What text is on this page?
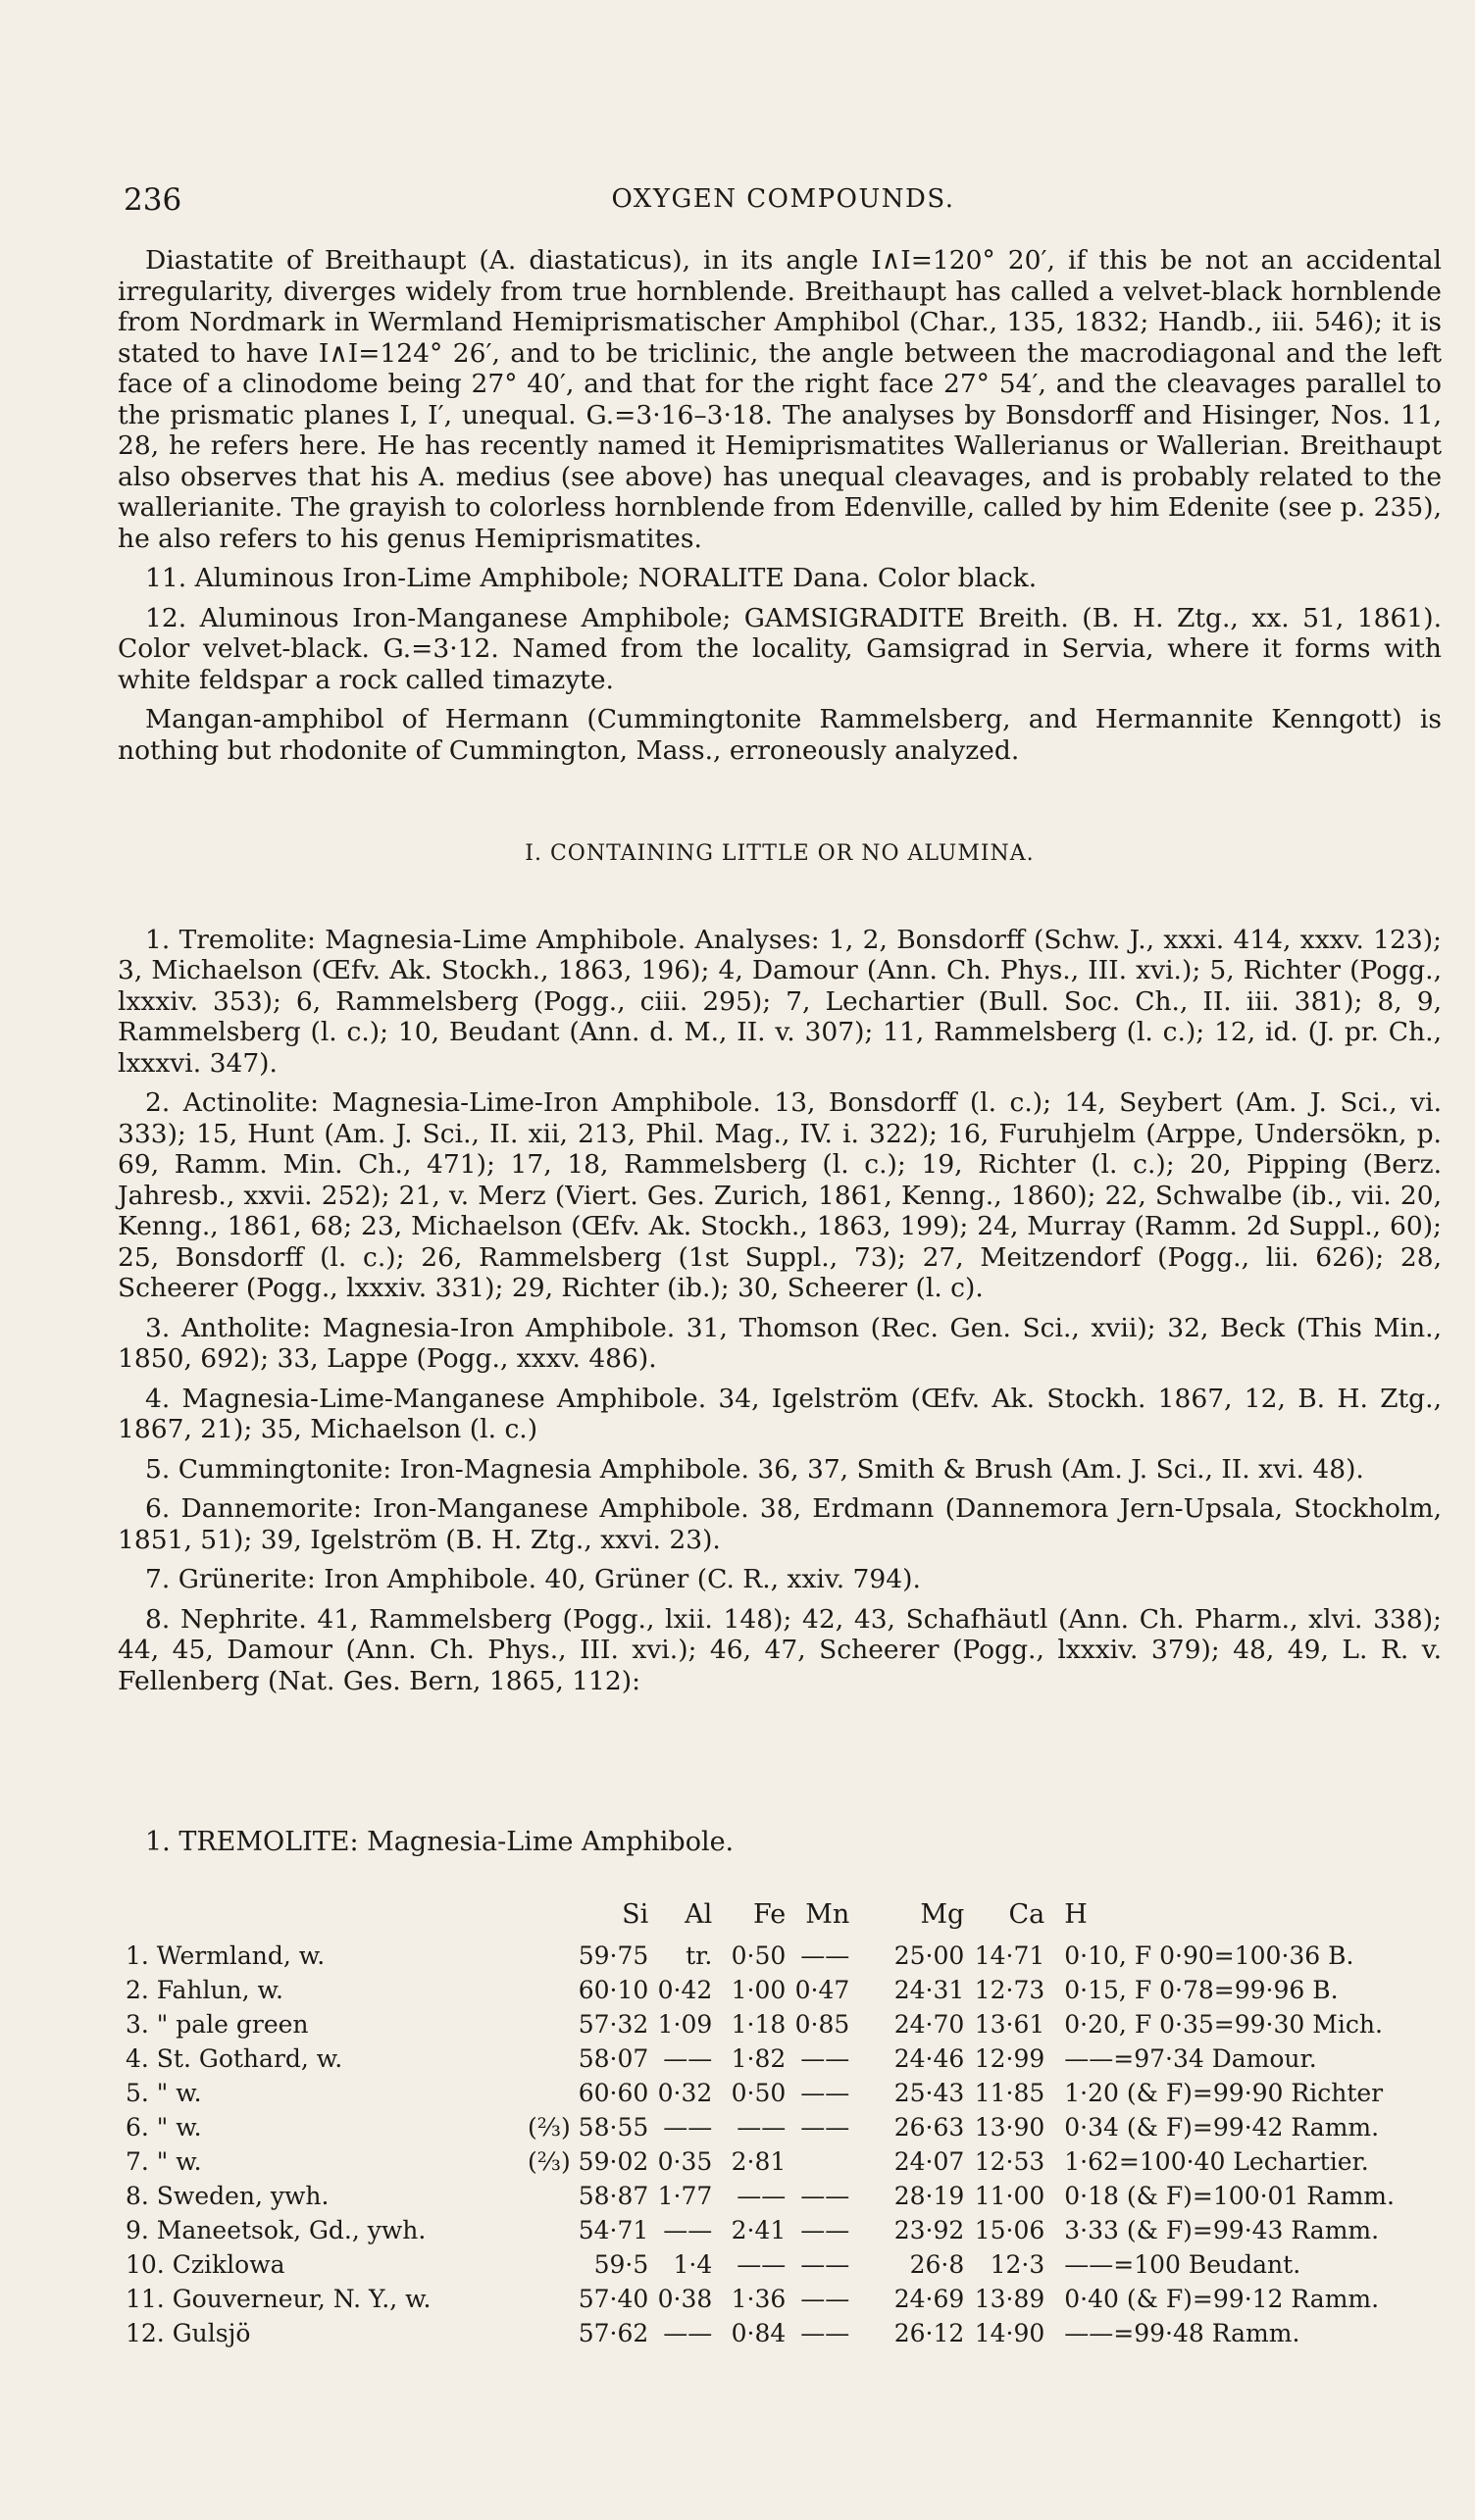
236	OXYGEN COMPOUNDS.

Diastatite of Breithaupt (A. diastaticus), in its angle I∧I=120° 20′, if this be not an accidental irregularity, diverges widely from true hornblende. Breithaupt has called a velvet-black hornblende from Nordmark in Wermland Hemiprismatischer Amphibol (Char., 135, 1832; Handb., iii. 546); it is stated to have I∧I=124° 26′, and to be triclinic, the angle between the macrodiagonal and the left face of a clinodome being 27° 40′, and that for the right face 27° 54′, and the cleavages parallel to the prismatic planes I, I′, unequal. G.=3·16–3·18. The analyses by Bonsdorff and Hisinger, Nos. 11, 28, he refers here. He has recently named it Hemiprismatites Wallerianus or Wallerian. Breithaupt also observes that his A. medius (see above) has unequal cleavages, and is probably related to the wallerianite. The grayish to colorless hornblende from Edenville, called by him Edenite (see p. 235), he also refers to his genus Hemiprismatites.

11. Aluminous Iron-Lime Amphibole; NORALITE Dana. Color black.

12. Aluminous Iron-Manganese Amphibole; GAMSIGRADITE Breith. (B. H. Ztg., xx. 51, 1861). Color velvet-black. G.=3·12. Named from the locality, Gamsigrad in Servia, where it forms with white feldspar a rock called timazyte.

Mangan-amphibol of Hermann (Cummingtonite Rammelsberg, and Hermannite Kenngott) is nothing but rhodonite of Cummington, Mass., erroneously analyzed.

I. CONTAINING LITTLE OR NO ALUMINA.

1. Tremolite: Magnesia-Lime Amphibole. Analyses: 1, 2, Bonsdorff (Schw. J., xxxi. 414, xxxv. 123); 3, Michaelson (Œfv. Ak. Stockh., 1863, 196); 4, Damour (Ann. Ch. Phys., III. xvi.); 5, Richter (Pogg., lxxxiv. 353); 6, Rammelsberg (Pogg., ciii. 295); 7, Lechartier (Bull. Soc. Ch., II. iii. 381); 8, 9, Rammelsberg (l. c.); 10, Beudant (Ann. d. M., II. v. 307); 11, Rammelsberg (l. c.); 12, id. (J. pr. Ch., lxxxvi. 347).

2. Actinolite: Magnesia-Lime-Iron Amphibole. 13, Bonsdorff (l. c.); 14, Seybert (Am. J. Sci., vi. 333); 15, Hunt (Am. J. Sci., II. xii, 213, Phil. Mag., IV. i. 322); 16, Furuhjelm (Arppe, Undersökn, p. 69, Ramm. Min. Ch., 471); 17, 18, Rammelsberg (l. c.); 19, Richter (l. c.); 20, Pipping (Berz. Jahresb., xxvii. 252); 21, v. Merz (Viert. Ges. Zurich, 1861, Kenng., 1860); 22, Schwalbe (ib., vii. 20, Kenng., 1861, 68; 23, Michaelson (Œfv. Ak. Stockh., 1863, 199); 24, Murray (Ramm. 2d Suppl., 60); 25, Bonsdorff (l. c.); 26, Rammelsberg (1st Suppl., 73); 27, Meitzendorf (Pogg., lii. 626); 28, Scheerer (Pogg., lxxxiv. 331); 29, Richter (ib.); 30, Scheerer (l. c).

3. Antholite: Magnesia-Iron Amphibole. 31, Thomson (Rec. Gen. Sci., xvii); 32, Beck (This Min., 1850, 692); 33, Lappe (Pogg., xxxv. 486).

4. Magnesia-Lime-Manganese Amphibole. 34, Igelström (Œfv. Ak. Stockh. 1867, 12, B. H. Ztg., 1867, 21); 35, Michaelson (l. c.)

5. Cummingtonite: Iron-Magnesia Amphibole. 36, 37, Smith & Brush (Am. J. Sci., II. xvi. 48).

6. Dannemorite: Iron-Manganese Amphibole. 38, Erdmann (Dannemora Jern-Upsala, Stockholm, 1851, 51); 39, Igelström (B. H. Ztg., xxvi. 23).

7. Grünerite: Iron Amphibole. 40, Grüner (C. R., xxiv. 794).

8. Nephrite. 41, Rammelsberg (Pogg., lxii. 148); 42, 43, Schafhäutl (Ann. Ch. Pharm., xlvi. 338); 44, 45, Damour (Ann. Ch. Phys., III. xvi.); 46, 47, Scheerer (Pogg., lxxxiv. 379); 48, 49, L. R. v. Fellenberg (Nat. Ges. Bern, 1865, 112):

1. TREMOLITE: Magnesia-Lime Amphibole.
	Si	Al	Fe	Mn	Mg	Ca	H
1. Wermland, w.	59·75	tr.	0·50	——	25·00	14·71	0·10, F 0·90=100·36 B.
2. Fahlun, w.	60·10	0·42	1·00	0·47	24·31	12·73	0·15, F 0·78=99·96 B.
3. " pale green	57·32	1·09	1·18	0·85	24·70	13·61	0·20, F 0·35=99·30 Mich.
4. St. Gothard, w.	58·07	——	1·82	——	24·46	12·99	——=97·34 Damour.
5. " w.	60·60	0·32	0·50	——	25·43	11·85	1·20 (& F)=99·90 Richter
6. " w.	(⅔) 58·55	——	——	——	26·63	13·90	0·34 (& F)=99·42 Ramm.
7. " w.	(⅔) 59·02	0·35	2·81		24·07	12·53	1·62=100·40 Lechartier.
8. Sweden, ywh.	58·87	1·77	——	——	28·19	11·00	0·18 (& F)=100·01 Ramm.
9. Maneetsok, Gd., ywh.	54·71	——	2·41	——	23·92	15·06	3·33 (& F)=99·43 Ramm.
10. Cziklowa	59·5	1·4	——	——	26·8	12·3	——=100 Beudant.
11. Gouverneur, N. Y., w.	57·40	0·38	1·36	——	24·69	13·89	0·40 (& F)=99·12 Ramm.
12. Gulsjö	57·62	——	0·84	——	26·12	14·90	——=99·48 Ramm.
